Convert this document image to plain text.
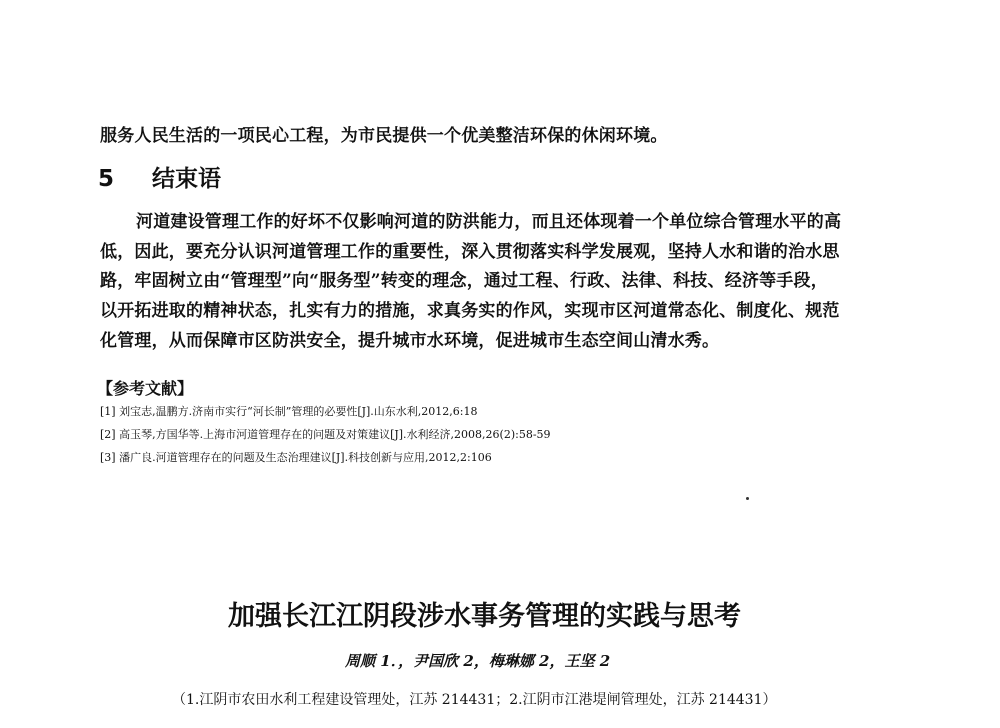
服务人民生活的一项民心工程，为市民提供一个优美整洁环保的休闲环境。
5 结束语
河道建设管理工作的好坏不仅影响河道的防洪能力，而且还体现着一个单位综合管理水平的高
低，因此，要充分认识河道管理工作的重要性，深入贯彻落实科学发展观，坚持人水和谐的治水思
路，牢固树立由“管理型”向“服务型”转变的理念，通过工程、行政、法律、科技、经济等手段，
以开拓进取的精神状态，扎实有力的措施，求真务实的作风，实现市区河道常态化、制度化、规范
化管理，从而保障市区防洪安全，提升城市水环境，促进城市生态空间山清水秀。
【参考文献】
[1] 刘宝志,温鹏方.济南市实行“河长制”管理的必要性[J].山东水利,2012,6:18
[2] 高玉琴,方国华等.上海市河道管理存在的问题及对策建议[J].水利经济,2008,26(2):58-59
[3] 潘广良.河道管理存在的问题及生态治理建议[J].科技创新与应用,2012,2:106
加强长江江阴段涉水事务管理的实践与思考
周顺 1．，尹国欣 2，梅琳娜 2，王坚 2
（1.江阴市农田水利工程建设管理处，江苏 214431；2.江阴市江港堤闸管理处，江苏 214431）
